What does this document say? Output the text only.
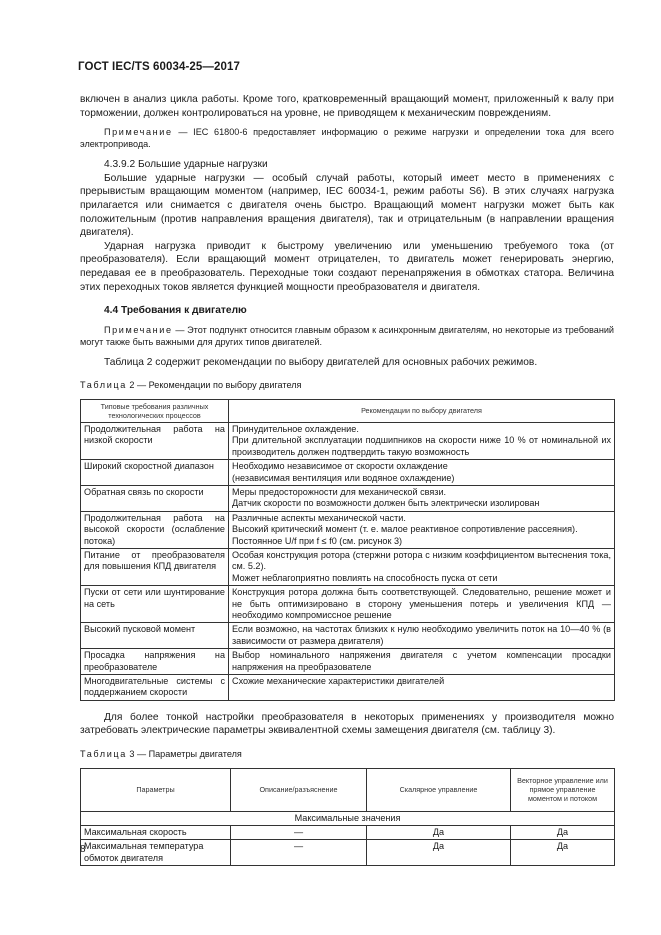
ГОСТ IEC/TS 60034-25—2017

включен в анализ цикла работы. Кроме того, кратковременный вращающий момент, приложенный к валу при торможении, должен контролироваться на уровне, не приводящем к механическим повреждениям.

Примечание — IEC 61800-6 предоставляет информацию о режиме нагрузки и определении тока для всего электропривода.

4.3.9.2 Большие ударные нагрузки

Большие ударные нагрузки — особый случай работы, который имеет место в применениях с прерывистым вращающим моментом (например, IEC 60034-1, режим работы S6). В этих случаях нагрузка прилагается или снимается с двигателя очень быстро. Вращающий момент нагрузки может быть как положительным (против направления вращения двигателя), так и отрицательным (в направлении вращения двигателя).

Ударная нагрузка приводит к быстрому увеличению или уменьшению требуемого тока (от преобразователя). Если вращающий момент отрицателен, то двигатель может генерировать энергию, передавая ее в преобразователь. Переходные токи создают перенапряжения в обмотках статора. Величина этих переходных токов является функцией мощности преобразователя и двигателя.

4.4 Требования к двигателю

Примечание — Этот подпункт относится главным образом к асинхронным двигателям, но некоторые из требований могут также быть важными для других типов двигателей.

Таблица 2 содержит рекомендации по выбору двигателей для основных рабочих режимов.

Таблица 2 — Рекомендации по выбору двигателя

Типовые требования различных технологических процессов	Рекомендации по выбору двигателя
Продолжительная работа на низкой скорости	Принудительное охлаждение.
При длительной эксплуатации подшипников на скорости ниже 10 % от номинальной их производитель должен подтвердить такую возможность

Широкий скоростной диапазон	Необходимо независимое от скорости охлаждение
(независимая вентиляция или водяное охлаждение)

Обратная связь по скорости	Меры предосторожности для механической связи.
Датчик скорости по возможности должен быть электрически изолирован

Продолжительная работа на высокой скорости (ослабление потока)	Различные аспекты механической части.
Высокий критический момент (т. е. малое реактивное сопротивление рассеяния).
Постоянное U/f при f ≤ f0 (см. рисунок 3)

Питание от преобразователя для повышения КПД двигателя	Особая конструкция ротора (стержни ротора с низким коэффициентом вытеснения тока, см. 5.2).
Может неблагоприятно повлиять на способность пуска от сети

Пуски от сети или шунтирование на сеть	Конструкция ротора должна быть соответствующей. Следовательно, решение может и не быть оптимизировано в сторону уменьшения потерь и увеличения КПД — необходимо компромиссное решение

Высокий пусковой момент	Если возможно, на частотах близких к нулю необходимо увеличить поток на 10—40 % (в зависимости от размера двигателя)

Просадка напряжения на преобразователе	Выбор номинального напряжения двигателя с учетом компенсации просадки напряжения на преобразователе

Многодвигательные системы с поддержанием скорости	Схожие механические характеристики двигателей

Для более тонкой настройки преобразователя в некоторых применениях у производителя можно затребовать электрические параметры эквивалентной схемы замещения двигателя (см. таблицу 3).

Таблица 3 — Параметры двигателя

Параметры	Описание/разъяснение	Скалярное управление	Векторное управление или прямое управление моментом и потоком
Максимальные значения			
Максимальная скорость	—	Да	Да
Максимальная температура обмоток двигателя	—	Да	Да
8
